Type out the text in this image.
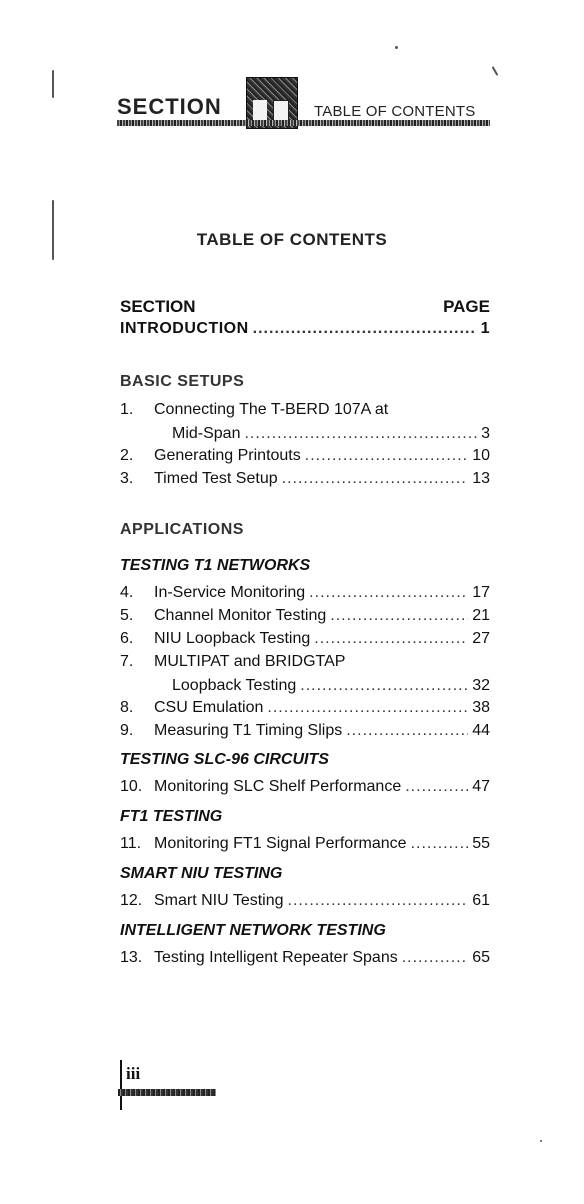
SECTION	TABLE OF CONTENTS
TABLE OF CONTENTS
SECTION	PAGE
INTRODUCTION .....	1
BASIC SETUPS
1. Connecting The T-BERD 107A at
Mid-Span .....	3
2.	Generating Printouts .....	10
3.	Timed Test Setup .....	13
APPLICATIONS
TESTING T1 NETWORKS
4.	In-Service Monitoring .....	17
5.	Channel Monitor Testing .....	21
6.	NIU Loopback Testing .....	27
7. MULTIPAT and BRIDGTAP
Loopback Testing .....	32
8.	CSU Emulation .....	38
9.	Measuring T1 Timing Slips .....	44
TESTING SLC-96 CIRCUITS
10. Monitoring SLC Shelf Performance .....	47
FT1 TESTING
11. Monitoring FT1 Signal Performance .....	55
SMART NIU TESTING
12. Smart NIU Testing .....	61
INTELLIGENT NETWORK TESTING
13. Testing Intelligent Repeater Spans .....	65
iii
